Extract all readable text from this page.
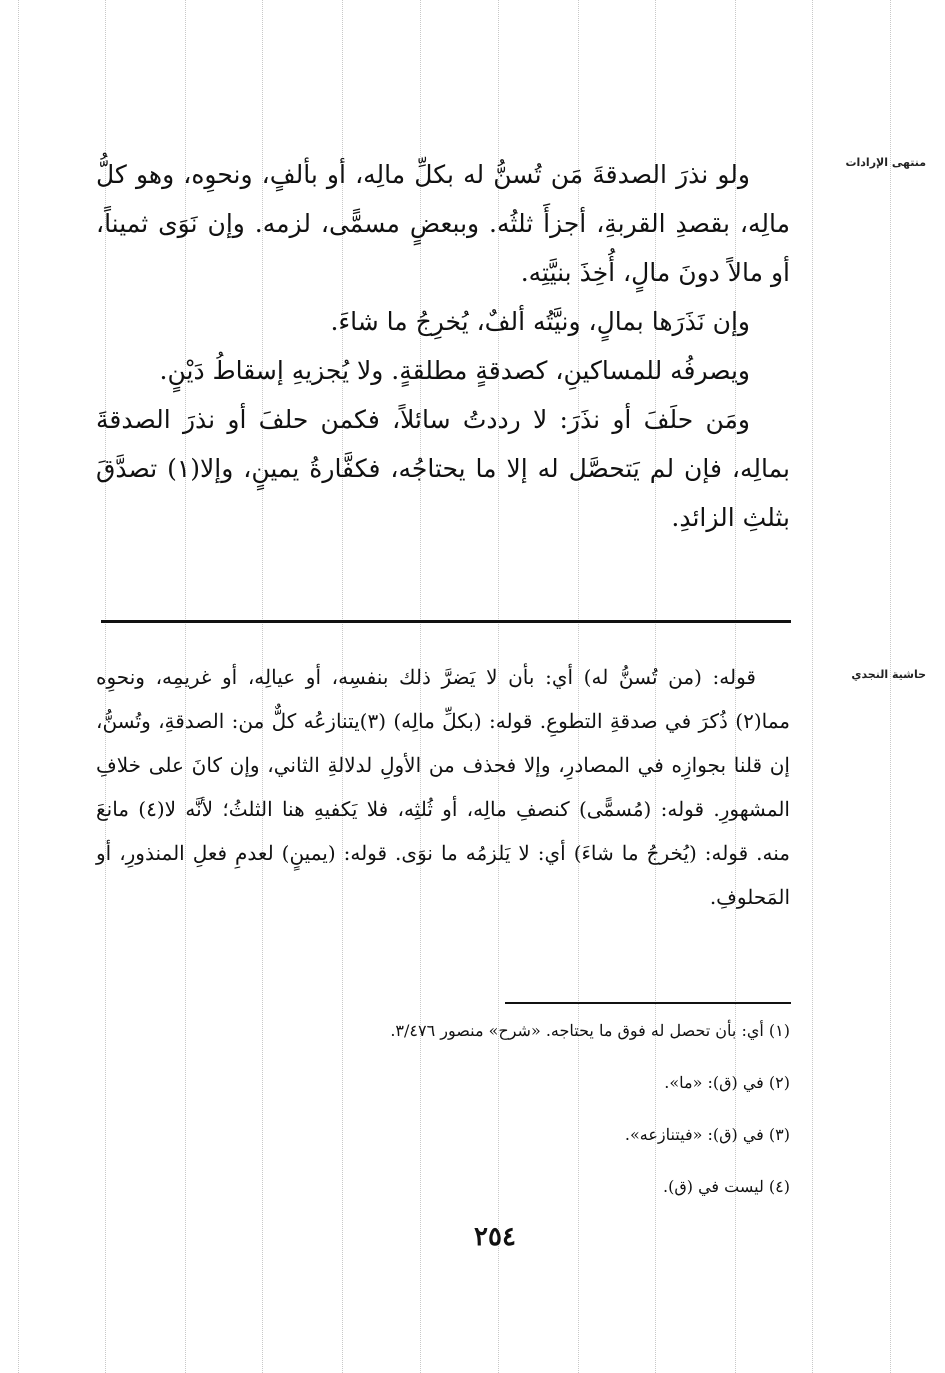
منتهى الإرادات
حاشية النجدي

ولو نذرَ الصدقةَ مَن تُسنُّ له بكلِّ مالِه، أو بألفٍ، ونحوِه، وهو كلُّ مالِه، بقصدِ القربةِ، أجزأَ ثلثُه. وببعضٍ مسمًّى، لزمه. وإن نَوَى ثميناً، أو مالاً دونَ مالٍ، أُخِذَ بنيَّتِه.

وإن نَذَرَها بمالٍ، ونيَّتُه ألفٌ، يُخرِجُ ما شاءَ.

ويصرفُه للمساكينِ، كصدقةٍ مطلقةٍ. ولا يُجزيهِ إسقاطُ دَيْنٍ.

ومَن حلَفَ أو نذَرَ: لا رددتُ سائلاً، فكمن حلفَ أو نذرَ الصدقةَ بمالِه، فإن لم يَتحصَّل له إلا ما يحتاجُه، فكفَّارةُ يمينٍ، وإلا(١) تصدَّقَ بثلثِ الزائدِ.

قوله: (من تُسنُّ له) أي: بأن لا يَضرَّ ذلك بنفسِه، أو عيالِه، أو غريمِه، ونحوِه مما(٢) ذُكرَ في صدقةِ التطوعِ. قوله: (بكلِّ مالِه) (٣)يتنازعُه كلٌّ من: الصدقةِ، وتُسنُّ، إن قلنا بجوازِه في المصادرِ، وإلا فحذف من الأولِ لدلالةِ الثاني، وإن كانَ على خلافِ المشهورِ. قوله: (مُسمًّى) كنصفِ مالِه، أو ثُلثِه، فلا يَكفيهِ هنا الثلثُ؛ لأنَّه لا(٤) مانعَ منه. قوله: (يُخرجُ ما شاءَ) أي: لا يَلزمُه ما نوَى. قوله: (يمينٍ) لعدمِ فعلِ المنذورِ، أو المَحلوفِ.

(١) أي: بأن تحصل له فوق ما يحتاجه. «شرح» منصور ٣/٤٧٦.
(٢) في (ق): «ما».
(٣) في (ق): «فيتنازعه».
(٤) ليست في (ق).
٢٥٤
